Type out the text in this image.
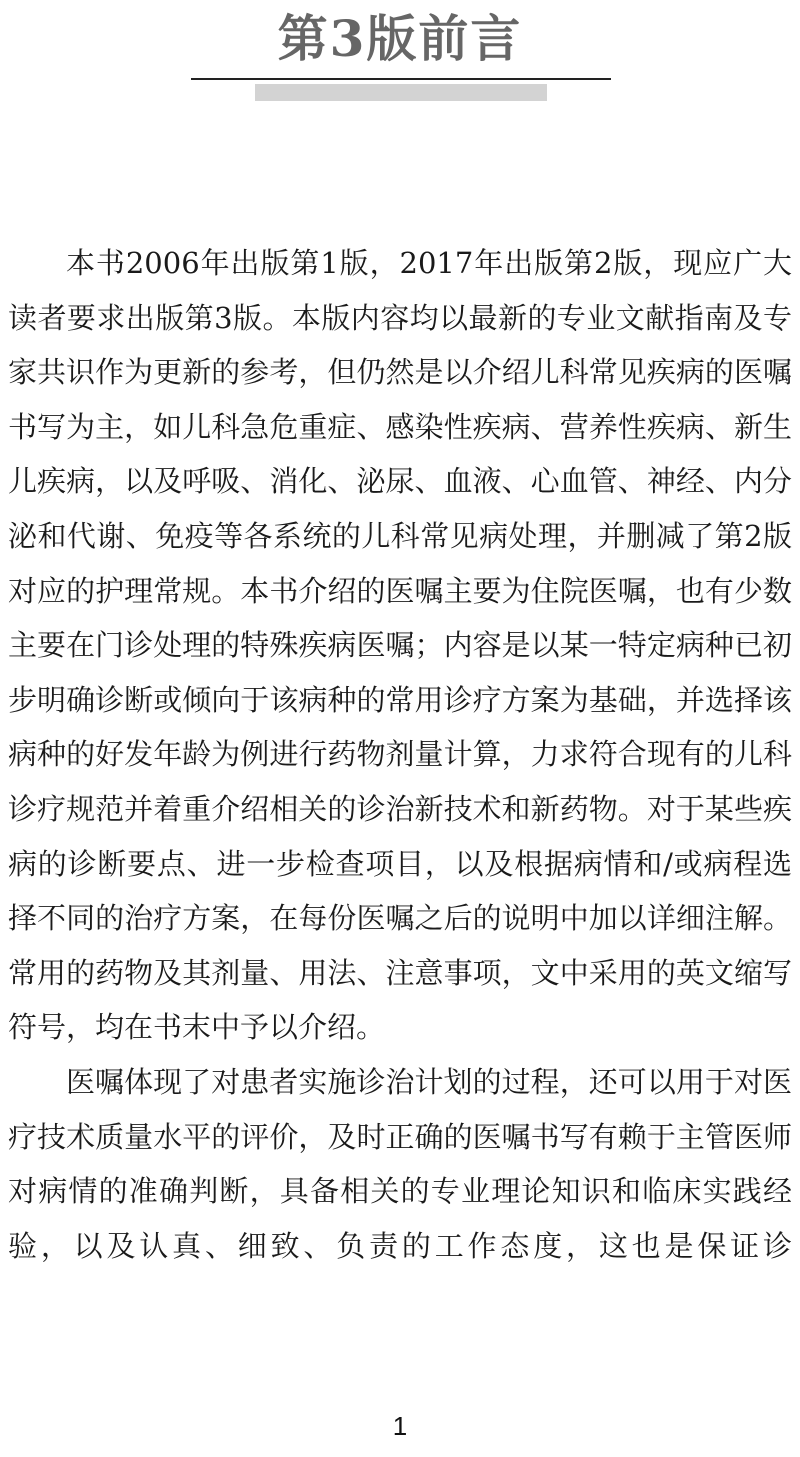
第3版前言

本书2006年出版第1版，2017年出版第2版，现应广大读者要求出版第3版。本版内容均以最新的专业文献指南及专家共识作为更新的参考，但仍然是以介绍儿科常见疾病的医嘱书写为主，如儿科急危重症、感染性疾病、营养性疾病、新生儿疾病，以及呼吸、消化、泌尿、血液、心血管、神经、内分泌和代谢、免疫等各系统的儿科常见病处理，并删减了第2版对应的护理常规。本书介绍的医嘱主要为住院医嘱，也有少数主要在门诊处理的特殊疾病医嘱；内容是以某一特定病种已初步明确诊断或倾向于该病种的常用诊疗方案为基础，并选择该病种的好发年龄为例进行药物剂量计算，力求符合现有的儿科诊疗规范并着重介绍相关的诊治新技术和新药物。对于某些疾病的诊断要点、进一步检查项目，以及根据病情和/或病程选择不同的治疗方案，在每份医嘱之后的说明中加以详细注解。常用的药物及其剂量、用法、注意事项，文中采用的英文缩写符号，均在书末中予以介绍。

医嘱体现了对患者实施诊治计划的过程，还可以用于对医疗技术质量水平的评价，及时正确的医嘱书写有赖于主管医师对病情的准确判断，具备相关的专业理论知识和临床实践经验，以及认真、细致、负责的工作态度，这也是保证诊

1
